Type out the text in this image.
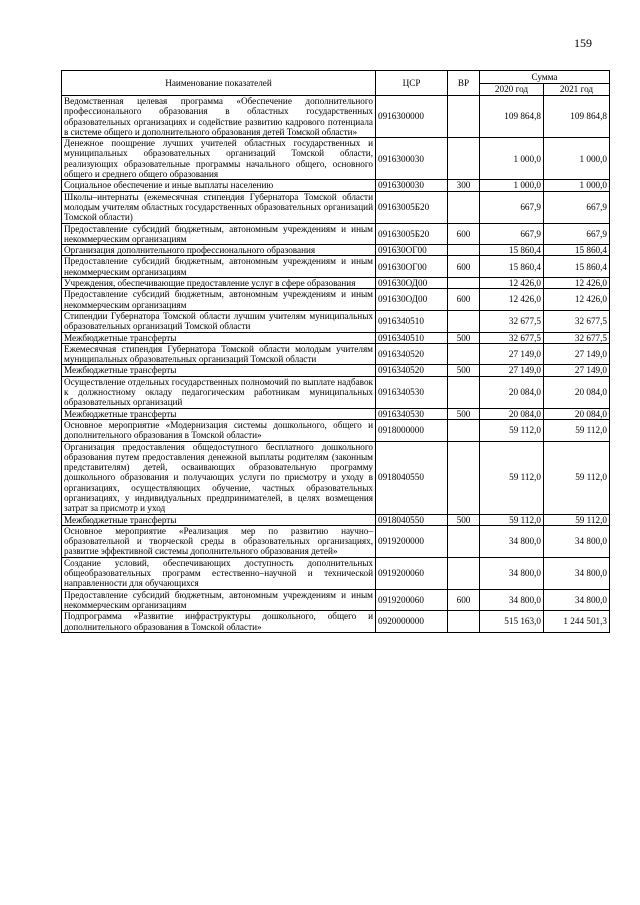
159
Наименование показателей	ЦСР	ВР	Сумма	
			2020 год	2021 год
Ведомственная целевая программа «Обеспечение дополнительного профессионального образования в областных государственных образовательных организациях и содействие развитию кадрового потенциала в системе общего и дополнительного образования детей Томской области»	0916300000		109 864,8	109 864,8
Денежное поощрение лучших учителей областных государственных и муниципальных образовательных организаций Томской области, реализующих образовательные программы начального общего, основного общего и среднего общего образования	0916300030		1 000,0	1 000,0
Социальное обеспечение и иные выплаты населению	0916300030	300	1 000,0	1 000,0
Школы–интернаты (ежемесячная стипендия Губернатора Томской области молодым учителям областных государственных образовательных организаций Томской области)	09163005Б20		667,9	667,9
Предоставление субсидий бюджетным, автономным учреждениям и иным некоммерческим организациям	09163005Б20	600	667,9	667,9
Организация дополнительного профессионального образования	091630ОГ00		15 860,4	15 860,4
Предоставление субсидий бюджетным, автономным учреждениям и иным некоммерческим организациям	091630ОГ00	600	15 860,4	15 860,4
Учреждения, обеспечивающие предоставление услуг в сфере образования	091630ОД00		12 426,0	12 426,0
Предоставление субсидий бюджетным, автономным учреждениям и иным некоммерческим организациям	091630ОД00	600	12 426,0	12 426,0
Стипендии Губернатора Томской области лучшим учителям муниципальных образовательных организаций Томской области	0916340510		32 677,5	32 677,5
Межбюджетные трансферты	0916340510	500	32 677,5	32 677,5
Ежемесячная стипендия Губернатора Томской области молодым учителям муниципальных образовательных организаций Томской области	0916340520		27 149,0	27 149,0
Межбюджетные трансферты	0916340520	500	27 149,0	27 149,0
Осуществление отдельных государственных полномочий по выплате надбавок к должностному окладу педагогическим работникам муниципальных образовательных организаций	0916340530		20 084,0	20 084,0
Межбюджетные трансферты	0916340530	500	20 084,0	20 084,0
Основное мероприятие «Модернизация системы дошкольного, общего и дополнительного образования в Томской области»	0918000000		59 112,0	59 112,0
Организация предоставления общедоступного бесплатного дошкольного образования путем предоставления денежной выплаты родителям (законным представителям) детей, осваивающих образовательную программу дошкольного образования и получающих услуги по присмотру и уходу в организациях, осуществляющих обучение, частных образовательных организациях, у индивидуальных предпринимателей, в целях возмещения затрат за присмотр и уход	0918040550		59 112,0	59 112,0
Межбюджетные трансферты	0918040550	500	59 112,0	59 112,0
Основное мероприятие «Реализация мер по развитию научно–образовательной и творческой среды в образовательных организациях, развитие эффективной системы дополнительного образования детей»	0919200000		34 800,0	34 800,0
Создание условий, обеспечивающих доступность дополнительных общеобразовательных программ естественно–научной и технической направленности для обучающихся	0919200060		34 800,0	34 800,0
Предоставление субсидий бюджетным, автономным учреждениям и иным некоммерческим организациям	0919200060	600	34 800,0	34 800,0
Подпрограмма «Развитие инфраструктуры дошкольного, общего и дополнительного образования в Томской области»	0920000000		515 163,0	1 244 501,3
